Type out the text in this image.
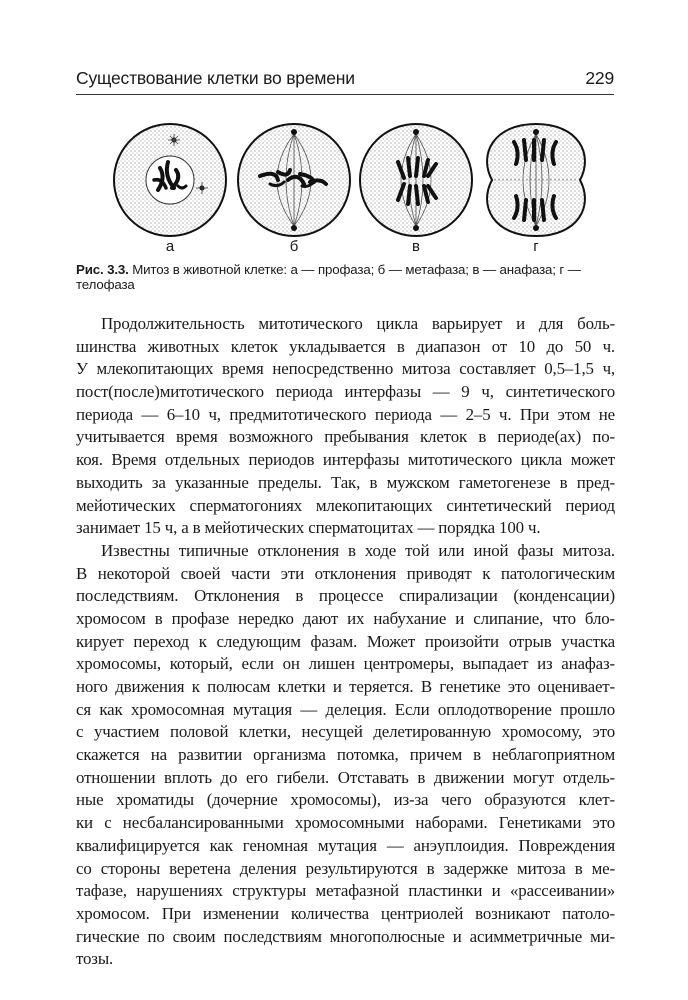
Существование клетки во времени	229
а	б	в	г
Рис. 3.3. Митоз в животной клетке: а — профаза; б — метафаза; в — анафаза; г — телофаза
Продолжительность митотического цикла варьирует и для боль-
шинства животных клеток укладывается в диапазон от 10 до 50 ч.
У млекопитающих время непосредственно митоза составляет 0,5–1,5 ч,
пост(после)митотического периода интерфазы — 9 ч, синтетического
периода — 6–10 ч, предмитотического периода — 2–5 ч. При этом не
учитывается время возможного пребывания клеток в периоде(ах) по-
коя. Время отдельных периодов интерфазы митотического цикла может
выходить за указанные пределы. Так, в мужском гаметогенезе в пред-
мейотических сперматогониях млекопитающих синтетический период
занимает 15 ч, а в мейотических сперматоцитах — порядка 100 ч.
Известны типичные отклонения в ходе той или иной фазы митоза.
В некоторой своей части эти отклонения приводят к патологическим
последствиям. Отклонения в процессе спирализации (конденсации)
хромосом в профазе нередко дают их набухание и слипание, что бло-
кирует переход к следующим фазам. Может произойти отрыв участка
хромосомы, который, если он лишен центромеры, выпадает из анафаз-
ного движения к полюсам клетки и теряется. В генетике это оценивает-
ся как хромосомная мутация — делеция. Если оплодотворение прошло
с участием половой клетки, несущей делетированную хромосому, это
скажется на развитии организма потомка, причем в неблагоприятном
отношении вплоть до его гибели. Отставать в движении могут отдель-
ные хроматиды (дочерние хромосомы), из-за чего образуются клет-
ки с несбалансированными хромосомными наборами. Генетиками это
квалифицируется как геномная мутация — анэуплоидия. Повреждения
со стороны веретена деления результируются в задержке митоза в ме-
тафазе, нарушениях структуры метафазной пластинки и «рассеивании»
хромосом. При изменении количества центриолей возникают патоло-
гические по своим последствиям многополюсные и асимметричные ми-
тозы.
